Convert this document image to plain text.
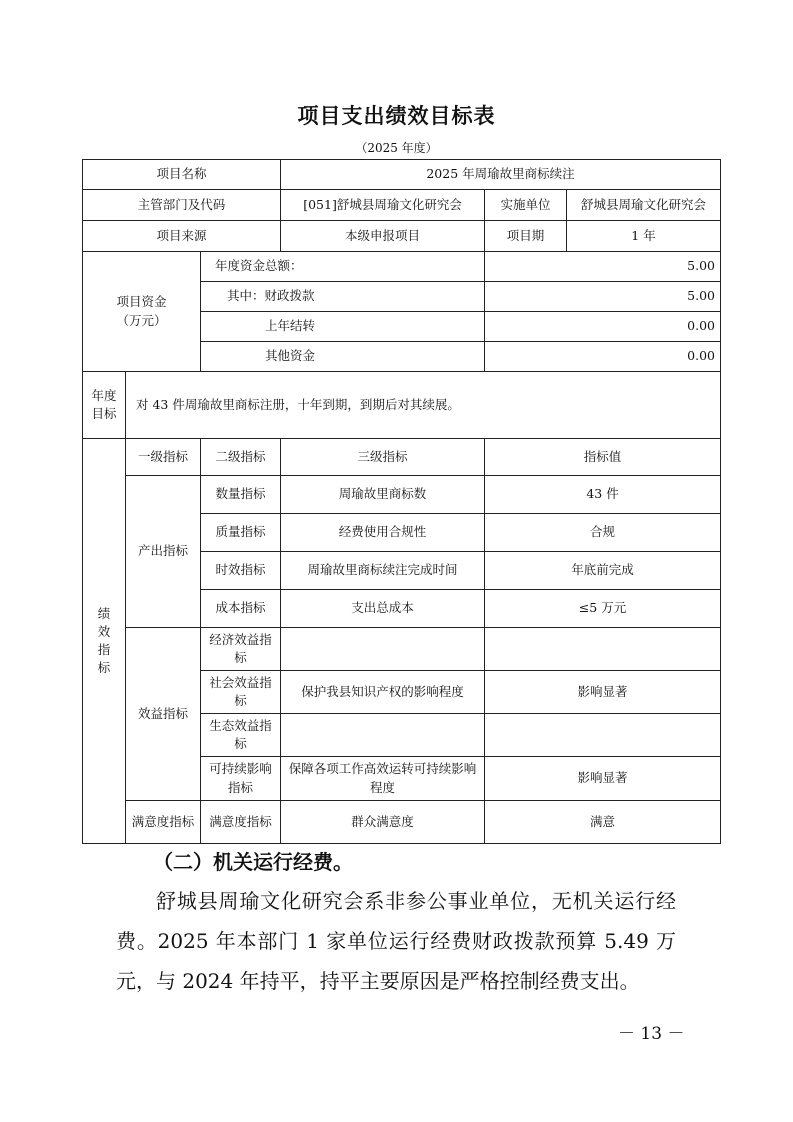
项目支出绩效目标表
（2025 年度）
项目名称			2025 年周瑜故里商标续注		
主管部门及代码			[051]舒城县周瑜文化研究会	实施单位	舒城县周瑜文化研究会
项目来源			本级申报项目	项目期	1 年

项目资金
（万元）		年度资金总额：		5.00	
		其中：财政拨款		5.00	
		上年结转		0.00	
		其他资金		0.00	

年度
目标	对 43 件周瑜故里商标注册，十年到期，到期后对其续展。				

绩
效
指
标	一级指标	二级指标	三级指标	指标值	
	产出指标	数量指标	周瑜故里商标数	43 件	
		质量指标	经费使用合规性	合规	
		时效指标	周瑜故里商标续注完成时间	年底前完成	
		成本指标	支出总成本	≤5 万元	
	效益指标	经济效益指标			
		社会效益指标	保护我县知识产权的影响程度	影响显著	
		生态效益指标			
		可持续影响指标	保障各项工作高效运转可持续影响程度	影响显著	
	满意度指标	满意度指标	群众满意度	满意	
（二）机关运行经费。
舒城县周瑜文化研究会系非参公事业单位，无机关运行经费。2025 年本部门 1 家单位运行经费财政拨款预算 5.49 万元，与 2024 年持平，持平主要原因是严格控制经费支出。
－ 13 －
